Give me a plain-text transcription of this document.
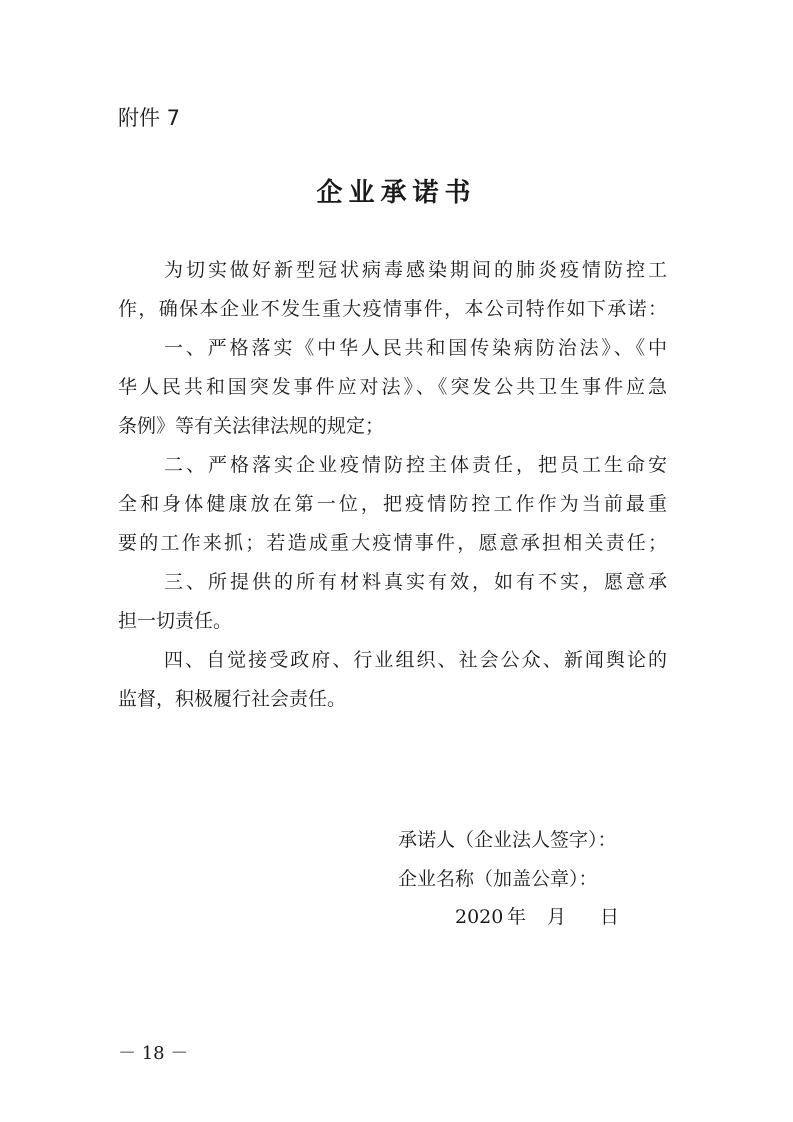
附件 7
企业承诺书
为切实做好新型冠状病毒感染期间的肺炎疫情防控工
作，确保本企业不发生重大疫情事件，本公司特作如下承诺：
一、严格落实《中华人民共和国传染病防治法》、《中
华人民共和国突发事件应对法》、《突发公共卫生事件应急
条例》等有关法律法规的规定；
二、严格落实企业疫情防控主体责任，把员工生命安
全和身体健康放在第一位，把疫情防控工作作为当前最重
要的工作来抓；若造成重大疫情事件，愿意承担相关责任；
三、所提供的所有材料真实有效，如有不实，愿意承
担一切责任。
四、自觉接受政府、行业组织、社会公众、新闻舆论的
监督，积极履行社会责任。
承诺人（企业法人签字）：
企业名称（加盖公章）：
2020 年 月 日
－ 18 －
